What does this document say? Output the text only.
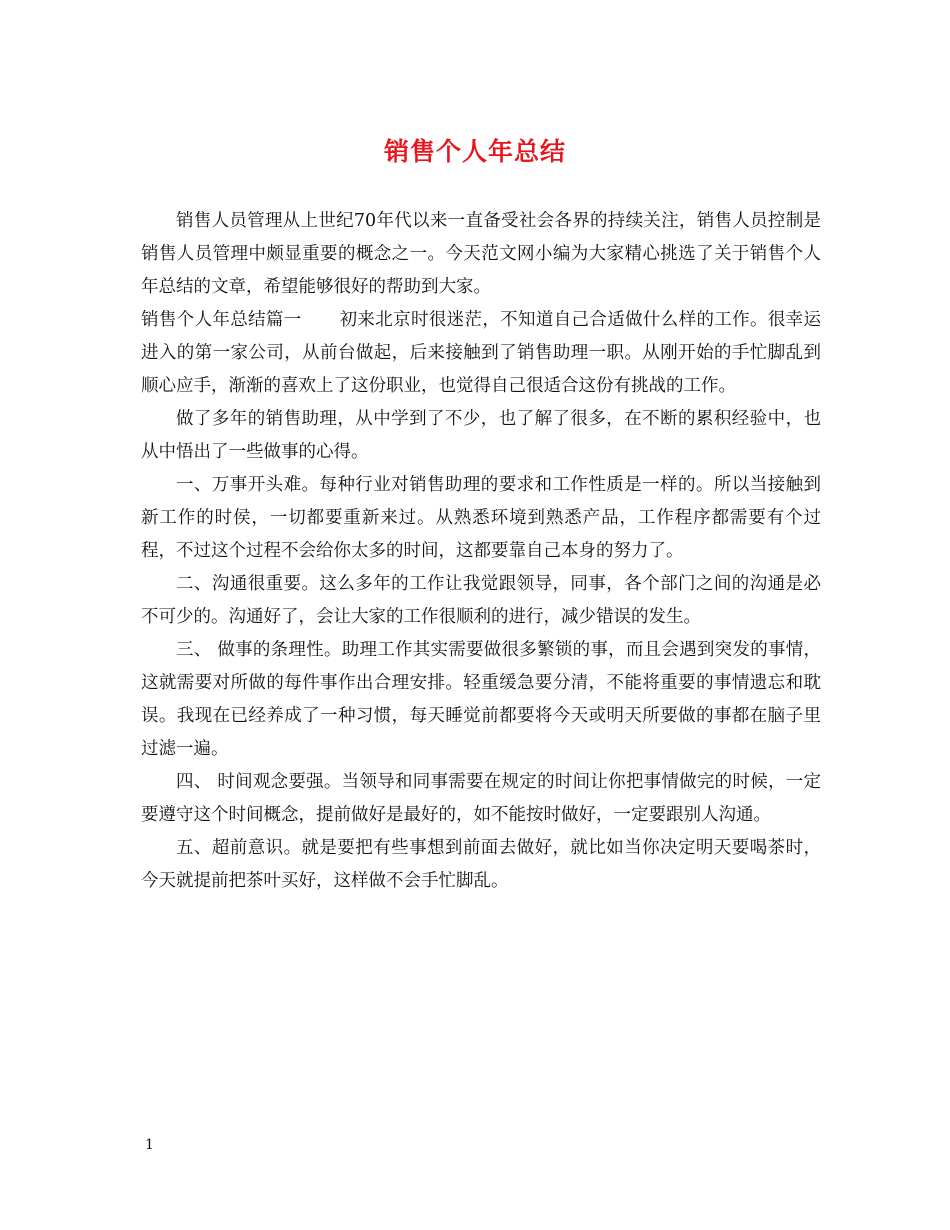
销售个人年总结

销售人员管理从上世纪70年代以来一直备受社会各界的持续关注，销售人员控制是销售人员管理中颇显重要的概念之一。今天范文网小编为大家精心挑选了关于销售个人年总结的文章，希望能够很好的帮助到大家。

销售个人年总结篇一 初来北京时很迷茫，不知道自己合适做什么样的工作。很幸运进入的第一家公司，从前台做起，后来接触到了销售助理一职。从刚开始的手忙脚乱到顺心应手，渐渐的喜欢上了这份职业，也觉得自己很适合这份有挑战的工作。

做了多年的销售助理，从中学到了不少，也了解了很多，在不断的累积经验中，也从中悟出了一些做事的心得。

一、万事开头难。每种行业对销售助理的要求和工作性质是一样的。所以当接触到新工作的时侯，一切都要重新来过。从熟悉环境到熟悉产品，工作程序都需要有个过程，不过这个过程不会给你太多的时间，这都要靠自己本身的努力了。

二、沟通很重要。这么多年的工作让我觉跟领导，同事，各个部门之间的沟通是必不可少的。沟通好了，会让大家的工作很顺利的进行，减少错误的发生。

三、 做事的条理性。助理工作其实需要做很多繁锁的事，而且会遇到突发的事情，这就需要对所做的每件事作出合理安排。轻重缓急要分清，不能将重要的事情遗忘和耽误。我现在已经养成了一种习惯，每天睡觉前都要将今天或明天所要做的事都在脑子里过滤一遍。

四、 时间观念要强。当领导和同事需要在规定的时间让你把事情做完的时候，一定要遵守这个时间概念，提前做好是最好的，如不能按时做好，一定要跟别人沟通。

五、超前意识。就是要把有些事想到前面去做好，就比如当你决定明天要喝茶时，今天就提前把茶叶买好，这样做不会手忙脚乱。

1
